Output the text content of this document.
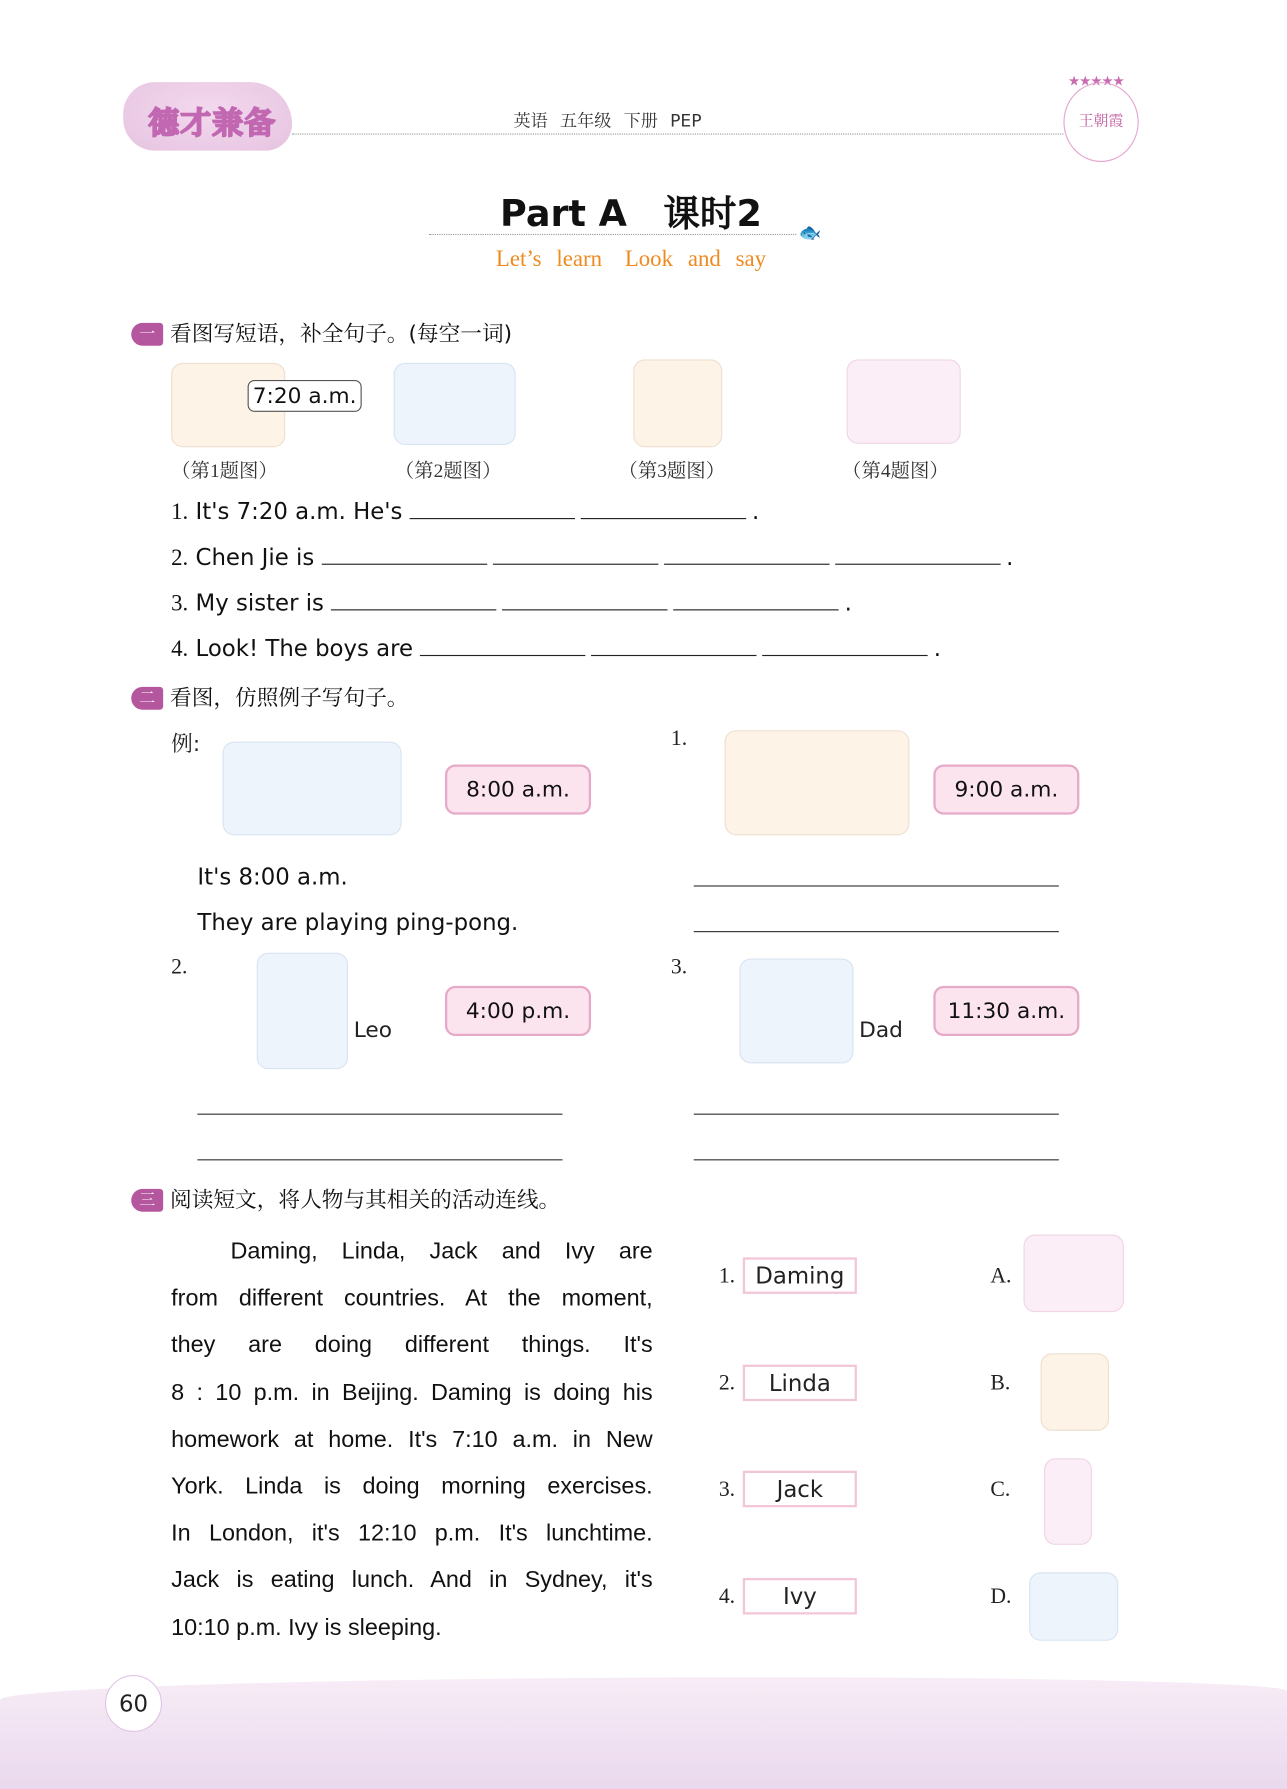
德才兼备	英语 五年级 下册 PEP
★★★★★
王朝霞
Part A　课时2	🐟
Let’s learn　Look and say
一 看图写短语，补全句子。(每空一词)
7:20 a.m.
（第1题图）	（第2题图）	（第3题图）	（第4题图）
1. It's 7:20 a.m. He's	.
2. Chen Jie is	.
3. My sister is	.
4. Look! The boys are	.
二 看图，仿照例子写句子。
例:
8:00 a.m.
It's 8:00 a.m.
They are playing ping-pong.
1.
9:00 a.m.
2.
Leo
4:00 p.m.
3.
Dad
11:30 a.m.
三 阅读短文，将人物与其相关的活动连线。
Daming, Linda, Jack and Ivy are
from different countries. At the moment,
they are doing different things. It's
8 : 10 p.m. in Beijing. Daming is doing his
homework at home. It's 7:10 a.m. in New
York. Linda is doing morning exercises.
In London, it's 12:10 p.m. It's lunchtime.
Jack is eating lunch. And in Sydney, it's
10:10 p.m. Ivy is sleeping.
1.	Daming
2.	Linda
3.	Jack
4.	Ivy
A.
B.
C.
D.
60
